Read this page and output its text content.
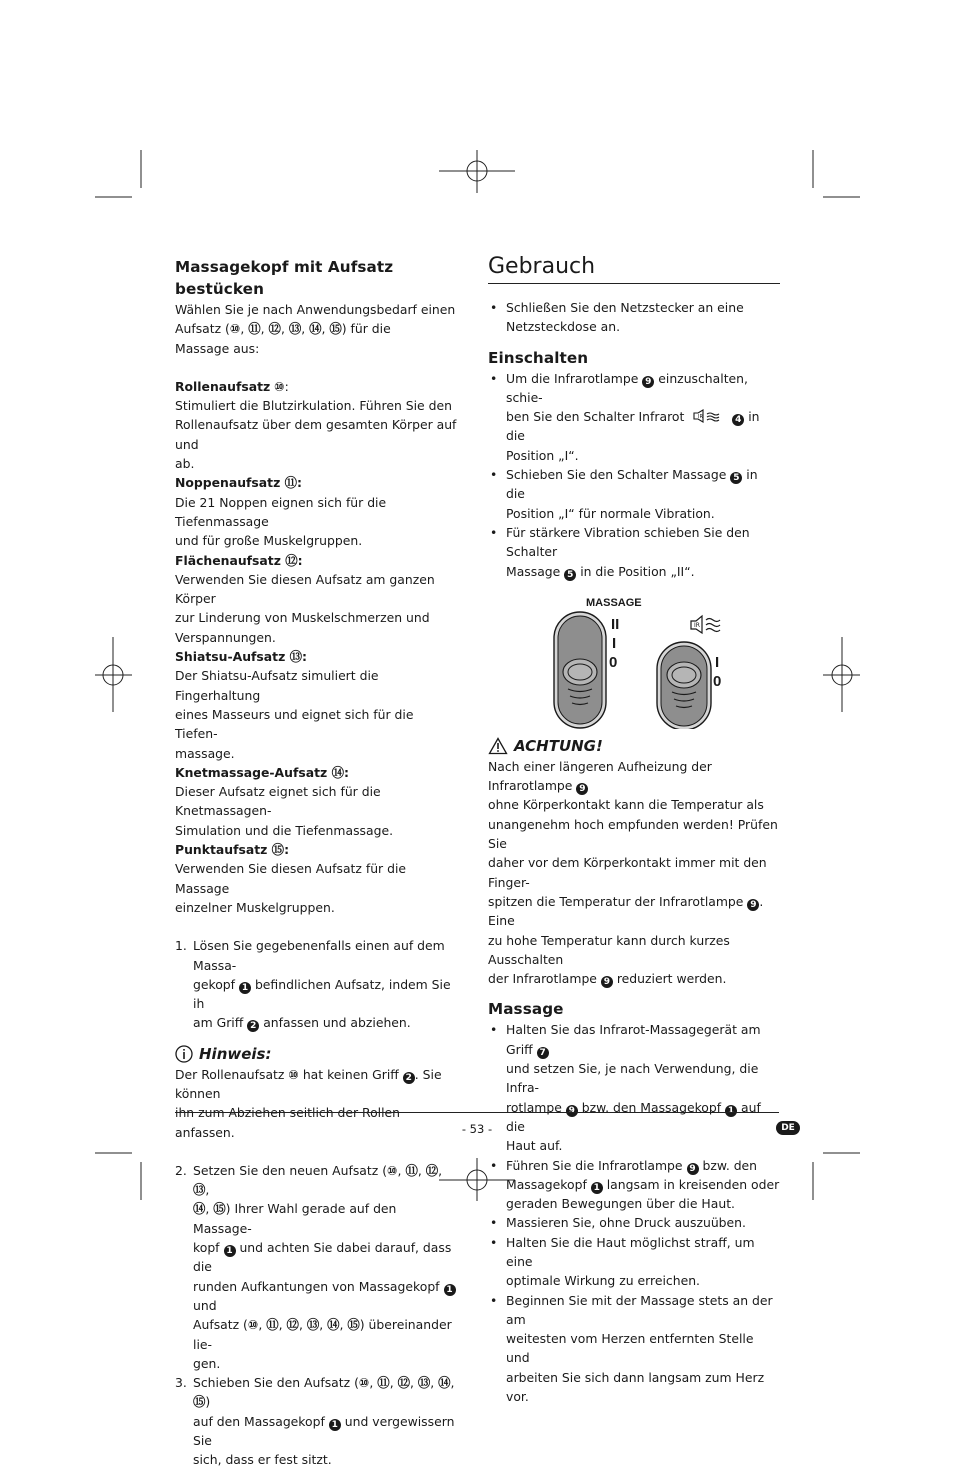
Massagekopf mit Aufsatz bestücken

Wählen Sie je nach Anwendungsbedarf einen
Aufsatz (⑩, ⑪, ⑫, ⑬, ⑭, ⑮) für die
Massage aus:

Rollenaufsatz ⑩:

Stimuliert die Blutzirkulation. Führen Sie den
Rollenaufsatz über dem gesamten Körper auf und
ab.

Noppenaufsatz ⑪:

Die 21 Noppen eignen sich für die Tiefenmassage
und für große Muskelgruppen.

Flächenaufsatz ⑫:

Verwenden Sie diesen Aufsatz am ganzen Körper
zur Linderung von Muskelschmerzen und
Verspannungen.

Shiatsu-Aufsatz ⑬:

Der Shiatsu-Aufsatz simuliert die Fingerhaltung
eines Masseurs und eignet sich für die Tiefen-
massage.

Knetmassage-Aufsatz ⑭:

Dieser Aufsatz eignet sich für die Knetmassagen-
Simulation und die Tiefenmassage.

Punktaufsatz ⑮:

Verwenden Sie diesen Aufsatz für die Massage
einzelner Muskelgruppen.

1. Lösen Sie gegebenenfalls einen auf dem Massa-
gekopf 1 befindlichen Aufsatz, indem Sie ih
am Griff 2 anfassen und abziehen.
Hinweis:

Der Rollenaufsatz ⑩ hat keinen Griff 2 . Sie können
ihn zum Abziehen seitlich der Rollen anfassen.

2. Setzen Sie den neuen Aufsatz (⑩, ⑪, ⑫, ⑬,
⑭, ⑮) Ihrer Wahl gerade auf den Massage-
kopf 1 und achten Sie dabei darauf, dass die
runden Aufkantungen von Massagekopf 1 und
Aufsatz (⑩, ⑪, ⑫, ⑬, ⑭, ⑮) übereinander lie-
gen.
3. Schieben Sie den Aufsatz (⑩, ⑪, ⑫, ⑬, ⑭, ⑮)
auf den Massagekopf 1 und vergewissern Sie
sich, dass er fest sitzt.
Gebrauch
• Schließen Sie den Netzstecker an eine
Netzsteckdose an.
Einschalten
• Um die Infrarotlampe 9 einzuschalten, schie-
ben Sie den Schalter Infrarot	IR	4 in die
Position „I“.
• Schieben Sie den Schalter Massage 5 in die
Position „I“ für normale Vibration.
• Für stärkere Vibration schieben Sie den Schalter
Massage 5 in die Position „II“.
MASSAGE
II
I
0
IR
I
0
ACHTUNG!

Nach einer längeren Aufheizung der Infrarotlampe 9
ohne Körperkontakt kann die Temperatur als
unangenehm hoch empfunden werden! Prüfen Sie
daher vor dem Körperkontakt immer mit den Finger-
spitzen die Temperatur der Infrarotlampe 9 . Eine
zu hohe Temperatur kann durch kurzes Ausschalten
der Infrarotlampe 9 reduziert werden.

Massage
• Halten Sie das Infrarot-Massagegerät am Griff 7
und setzen Sie, je nach Verwendung, die Infra-
rotlampe 9 bzw. den Massagekopf 1 auf die
Haut auf.
• Führen Sie die Infrarotlampe 9 bzw. den
Massagekopf 1 langsam in kreisenden oder
geraden Bewegungen über die Haut.
• Massieren Sie, ohne Druck auszuüben.
• Halten Sie die Haut möglichst straff, um eine
optimale Wirkung zu erreichen.
• Beginnen Sie mit der Massage stets an der am
weitesten vom Herzen entfernten Stelle und
arbeiten Sie sich dann langsam zum Herz vor.
- 53 -	DE
